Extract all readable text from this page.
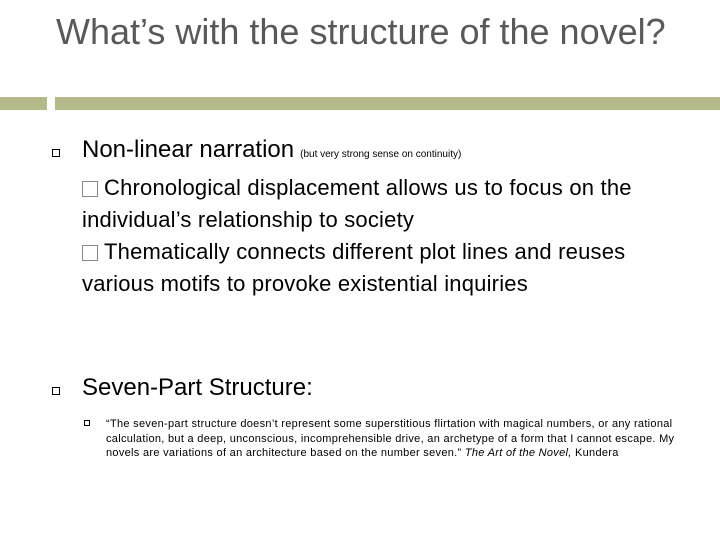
What’s with the structure of the novel?
Non-linear narration (but very strong sense on continuity)
Chronological displacement allows us to focus on the individual’s relationship to society
Thematically connects different plot lines and reuses various motifs to provoke existential inquiries
Seven-Part Structure:
“The seven-part structure doesn’t represent some superstitious flirtation with magical numbers, or any rational calculation, but a deep, unconscious, incomprehensible drive, an archetype of a form that I cannot escape. My novels are variations of an architecture based on the number seven.” The Art of the Novel, Kundera
